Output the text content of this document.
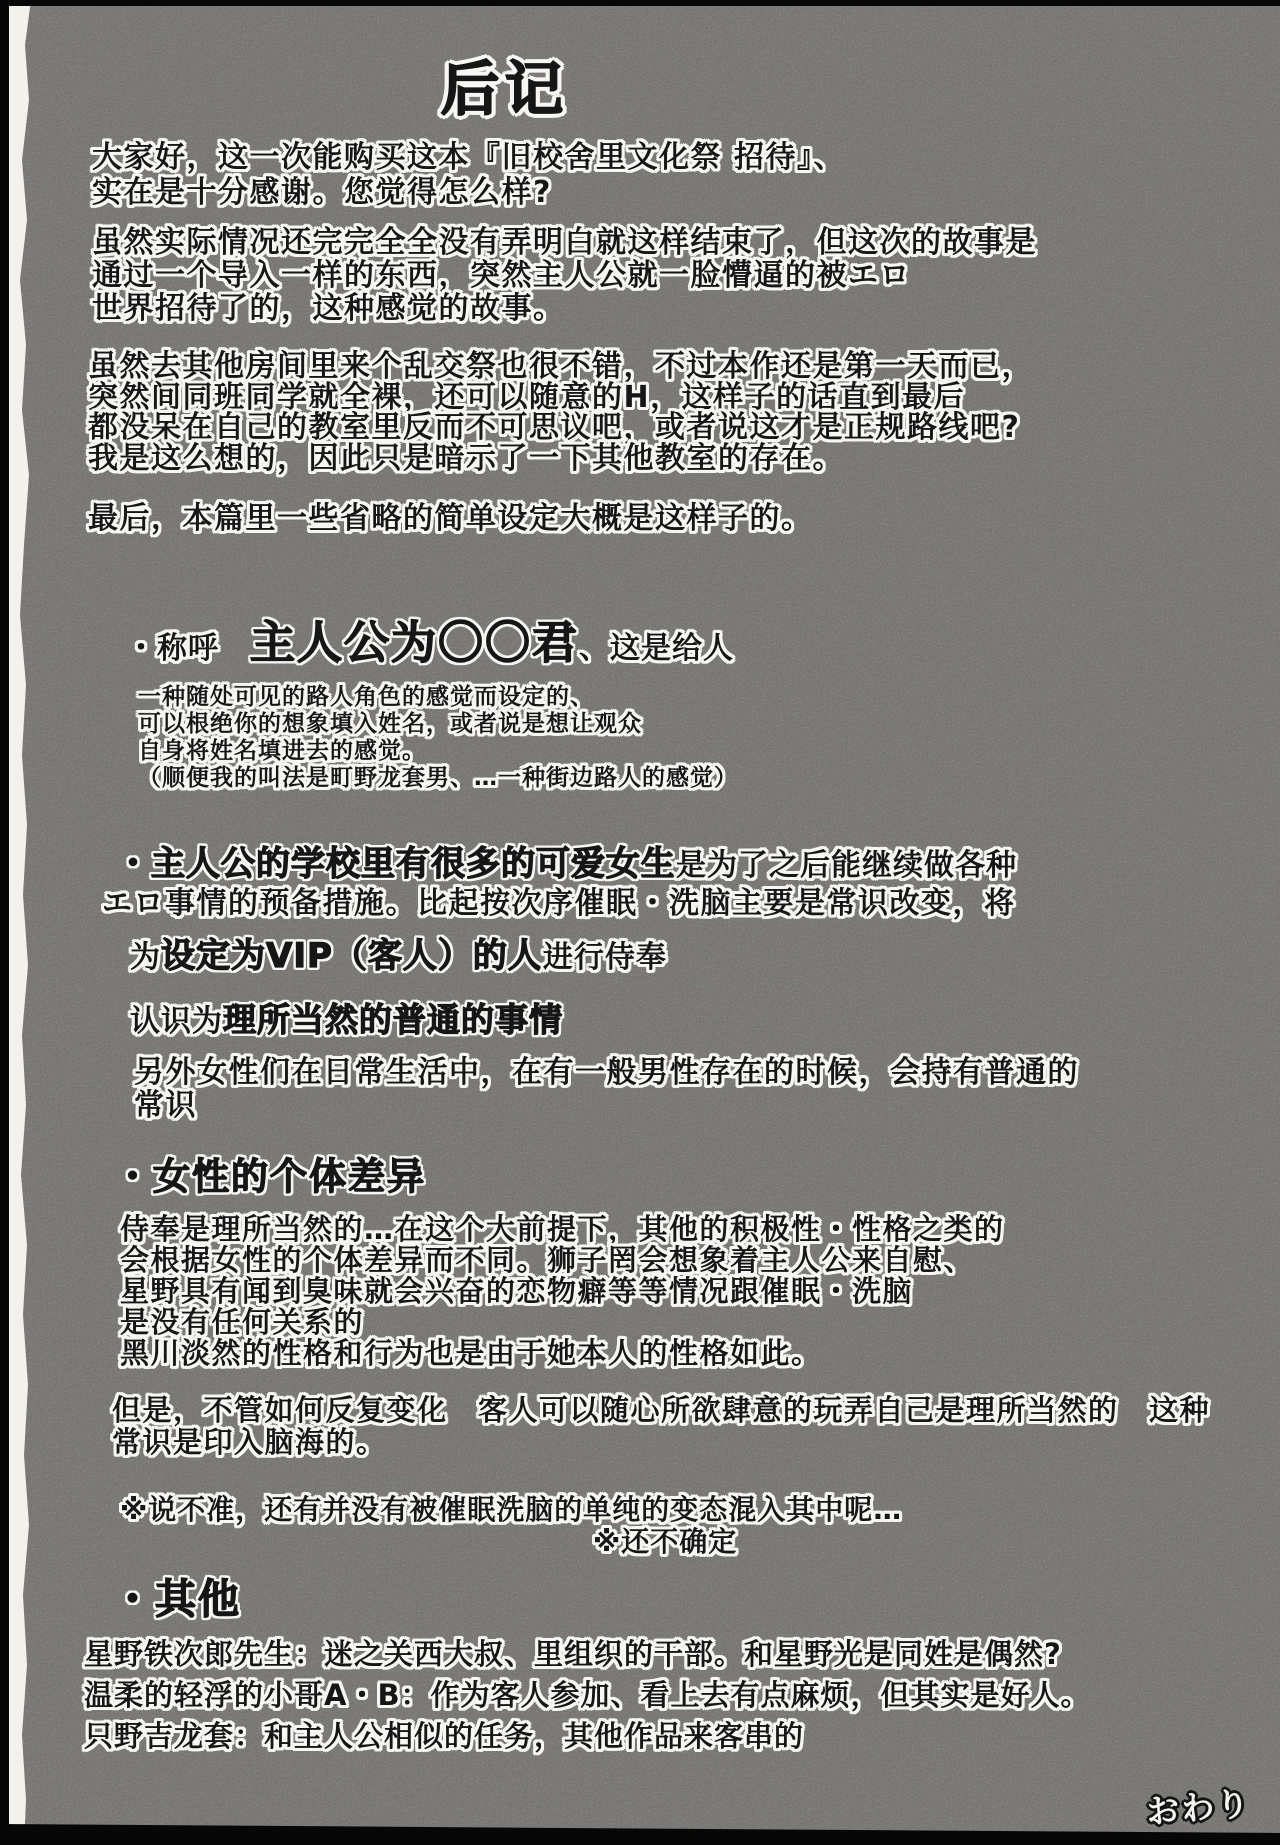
后记
大家好，这一次能购买这本『旧校舍里文化祭 招待』、
实在是十分感谢。您觉得怎么样?
虽然实际情况还完完全全没有弄明白就这样结束了，但这次的故事是
通过一个导入一样的东西，突然主人公就一脸懵逼的被エロ
世界招待了的，这种感觉的故事。
虽然去其他房间里来个乱交祭也很不错，不过本作还是第一天而已，
突然间同班同学就全裸，还可以随意的H，这样子的话直到最后
都没呆在自己的教室里反而不可思议吧，或者说这才是正规路线吧?
我是这么想的，因此只是暗示了一下其他教室的存在。
最后，本篇里一些省略的简单设定大概是这样子的。
・称呼　 主人公为〇〇君、这是给人
一种随处可见的路人角色的感觉而设定的、
可以根绝你的想象填入姓名，或者说是想让观众
自身将姓名填进去的感觉。
（顺便我的叫法是町野龙套男、…一种街边路人的感觉）
・主人公的学校里有很多的可爱女生是为了之后能继续做各种
エロ事情的预备措施。比起按次序催眠・洗脑主要是常识改变，将
为设定为VIP（客人）的人进行侍奉
认识为理所当然的普通的事情
另外女性们在日常生活中，在有一般男性存在的时候，会持有普通的
常识
・女性的个体差异
侍奉是理所当然的…在这个大前提下，其他的积极性・性格之类的
会根据女性的个体差异而不同。狮子罔会想象着主人公来自慰、
星野具有闻到臭味就会兴奋的恋物癖等等情况跟催眠・洗脑
是没有任何关系的
黑川淡然的性格和行为也是由于她本人的性格如此。
但是，不管如何反复变化　客人可以随心所欲肆意的玩弄自己是理所当然的　这种
常识是印入脑海的。
※说不准，还有并没有被催眠洗脑的单纯的变态混入其中呢…
※还不确定
・其他
星野铁次郎先生：迷之关西大叔、里组织的干部。和星野光是同姓是偶然?
温柔的轻浮的小哥A・B：作为客人参加、看上去有点麻烦，但其实是好人。
只野吉龙套：和主人公相似的任务，其他作品来客串的
おわり
